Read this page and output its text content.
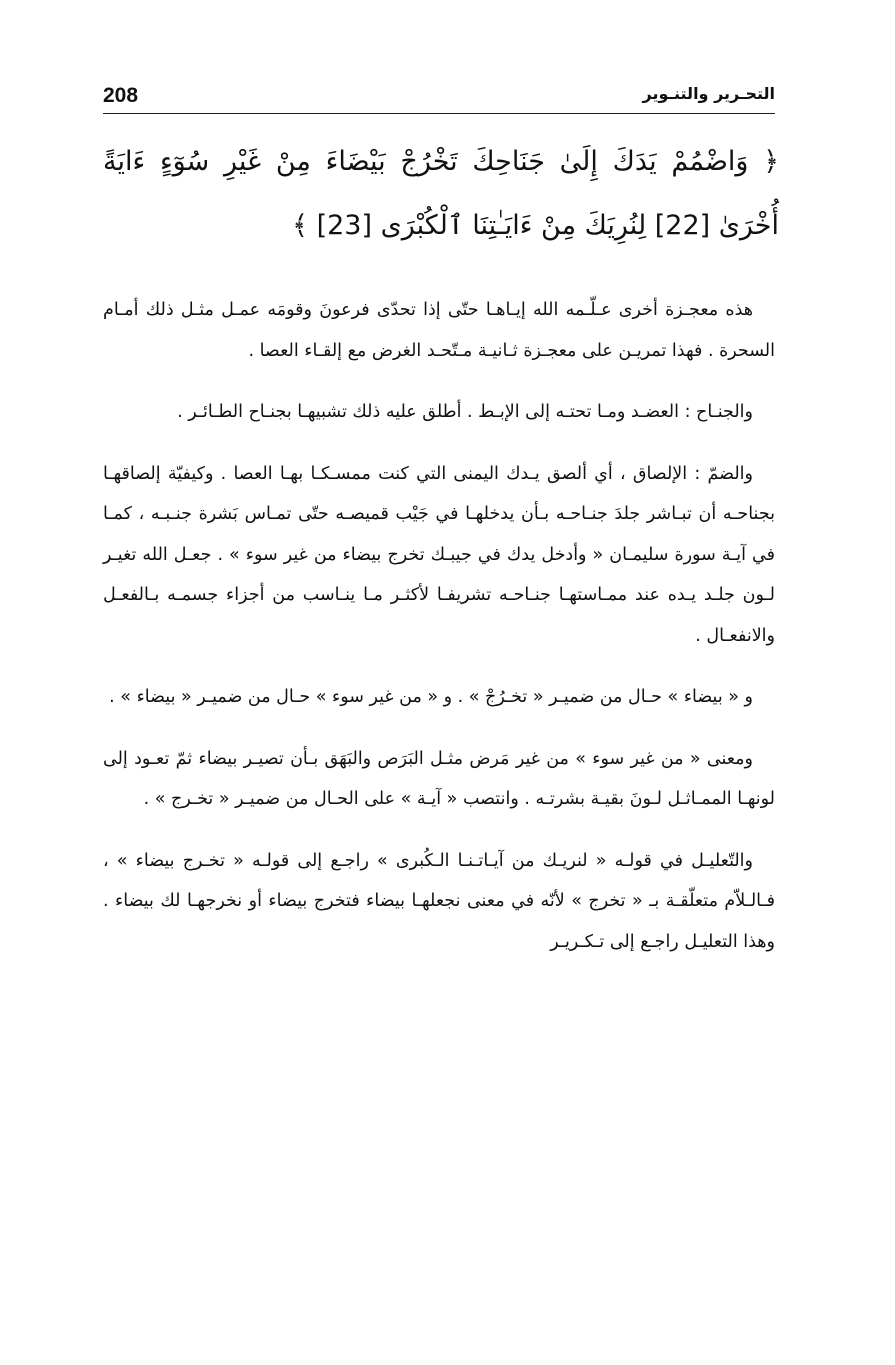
208	التحـرير والتنـوير
﴿ وَاضْمُمْ يَدَكَ إِلَىٰ جَنَاحِكَ تَخْرُجْ بَيْضَاءَ مِنْ غَيْرِ سُوٓءٍ ءَايَةً أُخْرَىٰ [22] لِنُرِيَكَ مِنْ ءَايَـٰتِنَا ٱلْكُبْرَى [23] ﴾

هذه معجـزة أخرى عـلّـمه الله إيـاهـا حتّى إذا تحدّى فرعونَ وقومَه عمـل مثـل ذلك أمـام السحرة . فهذا تمريـن على معجـزة ثـانيـة مـتّحـد الغرض مع إلقـاء العصا .

والجنـاح : العضـد ومـا تحتـه إلى الإبـط . أطلق عليه ذلك تشبيهـا بجنـاح الطـائـر .

والضمّ : الإلصاق ، أي ألصق يـدك اليمنى التي كنت ممسـكـا بهـا العصا . وكيفيّة إلصاقهـا بجناحـه أن تبـاشر جلدَ جنـاحـه بـأن يدخلهـا في جَيْب قميصـه حتّى تمـاس بَشرة جنـبـه ، كمـا في آيـة سورة سليمـان « وأدخل يدك في جيبـك تخرج بيضاء من غير سوء » . جعـل الله تغيـر لـون جلـد يـده عند ممـاستهـا جنـاحـه تشريفـا لأكثـر مـا ينـاسب من أجزاء جسمـه بـالفعـل والانفعـال .

و « بيضاء » حـال من ضميـر « تخـرُجْ » . و « من غير سوء » حـال من ضميـر « بيضاء » .

ومعنى « من غير سوء » من غير مَرض مثـل البَرَص والبَهَق بـأن تصيـر بيضاء ثمّ تعـود إلى لونهـا الممـاثـل لـونَ بقيـة بشرتـه . وانتصب « آيـة » على الحـال من ضميـر « تخـرج » .

والتّعليـل في قولـه « لنريـك من آيـاتـنـا الـكُبرى » راجـع إلى قولـه « تخـرج بيضاء » ، فـالـلاّم متعلّقـة بـ « تخرج » لأنّه في معنى نجعلهـا بيضاء فتخرج بيضاء أو نخرجهـا لك بيضاء . وهذا التعليـل راجـع إلى تـكـريـر
